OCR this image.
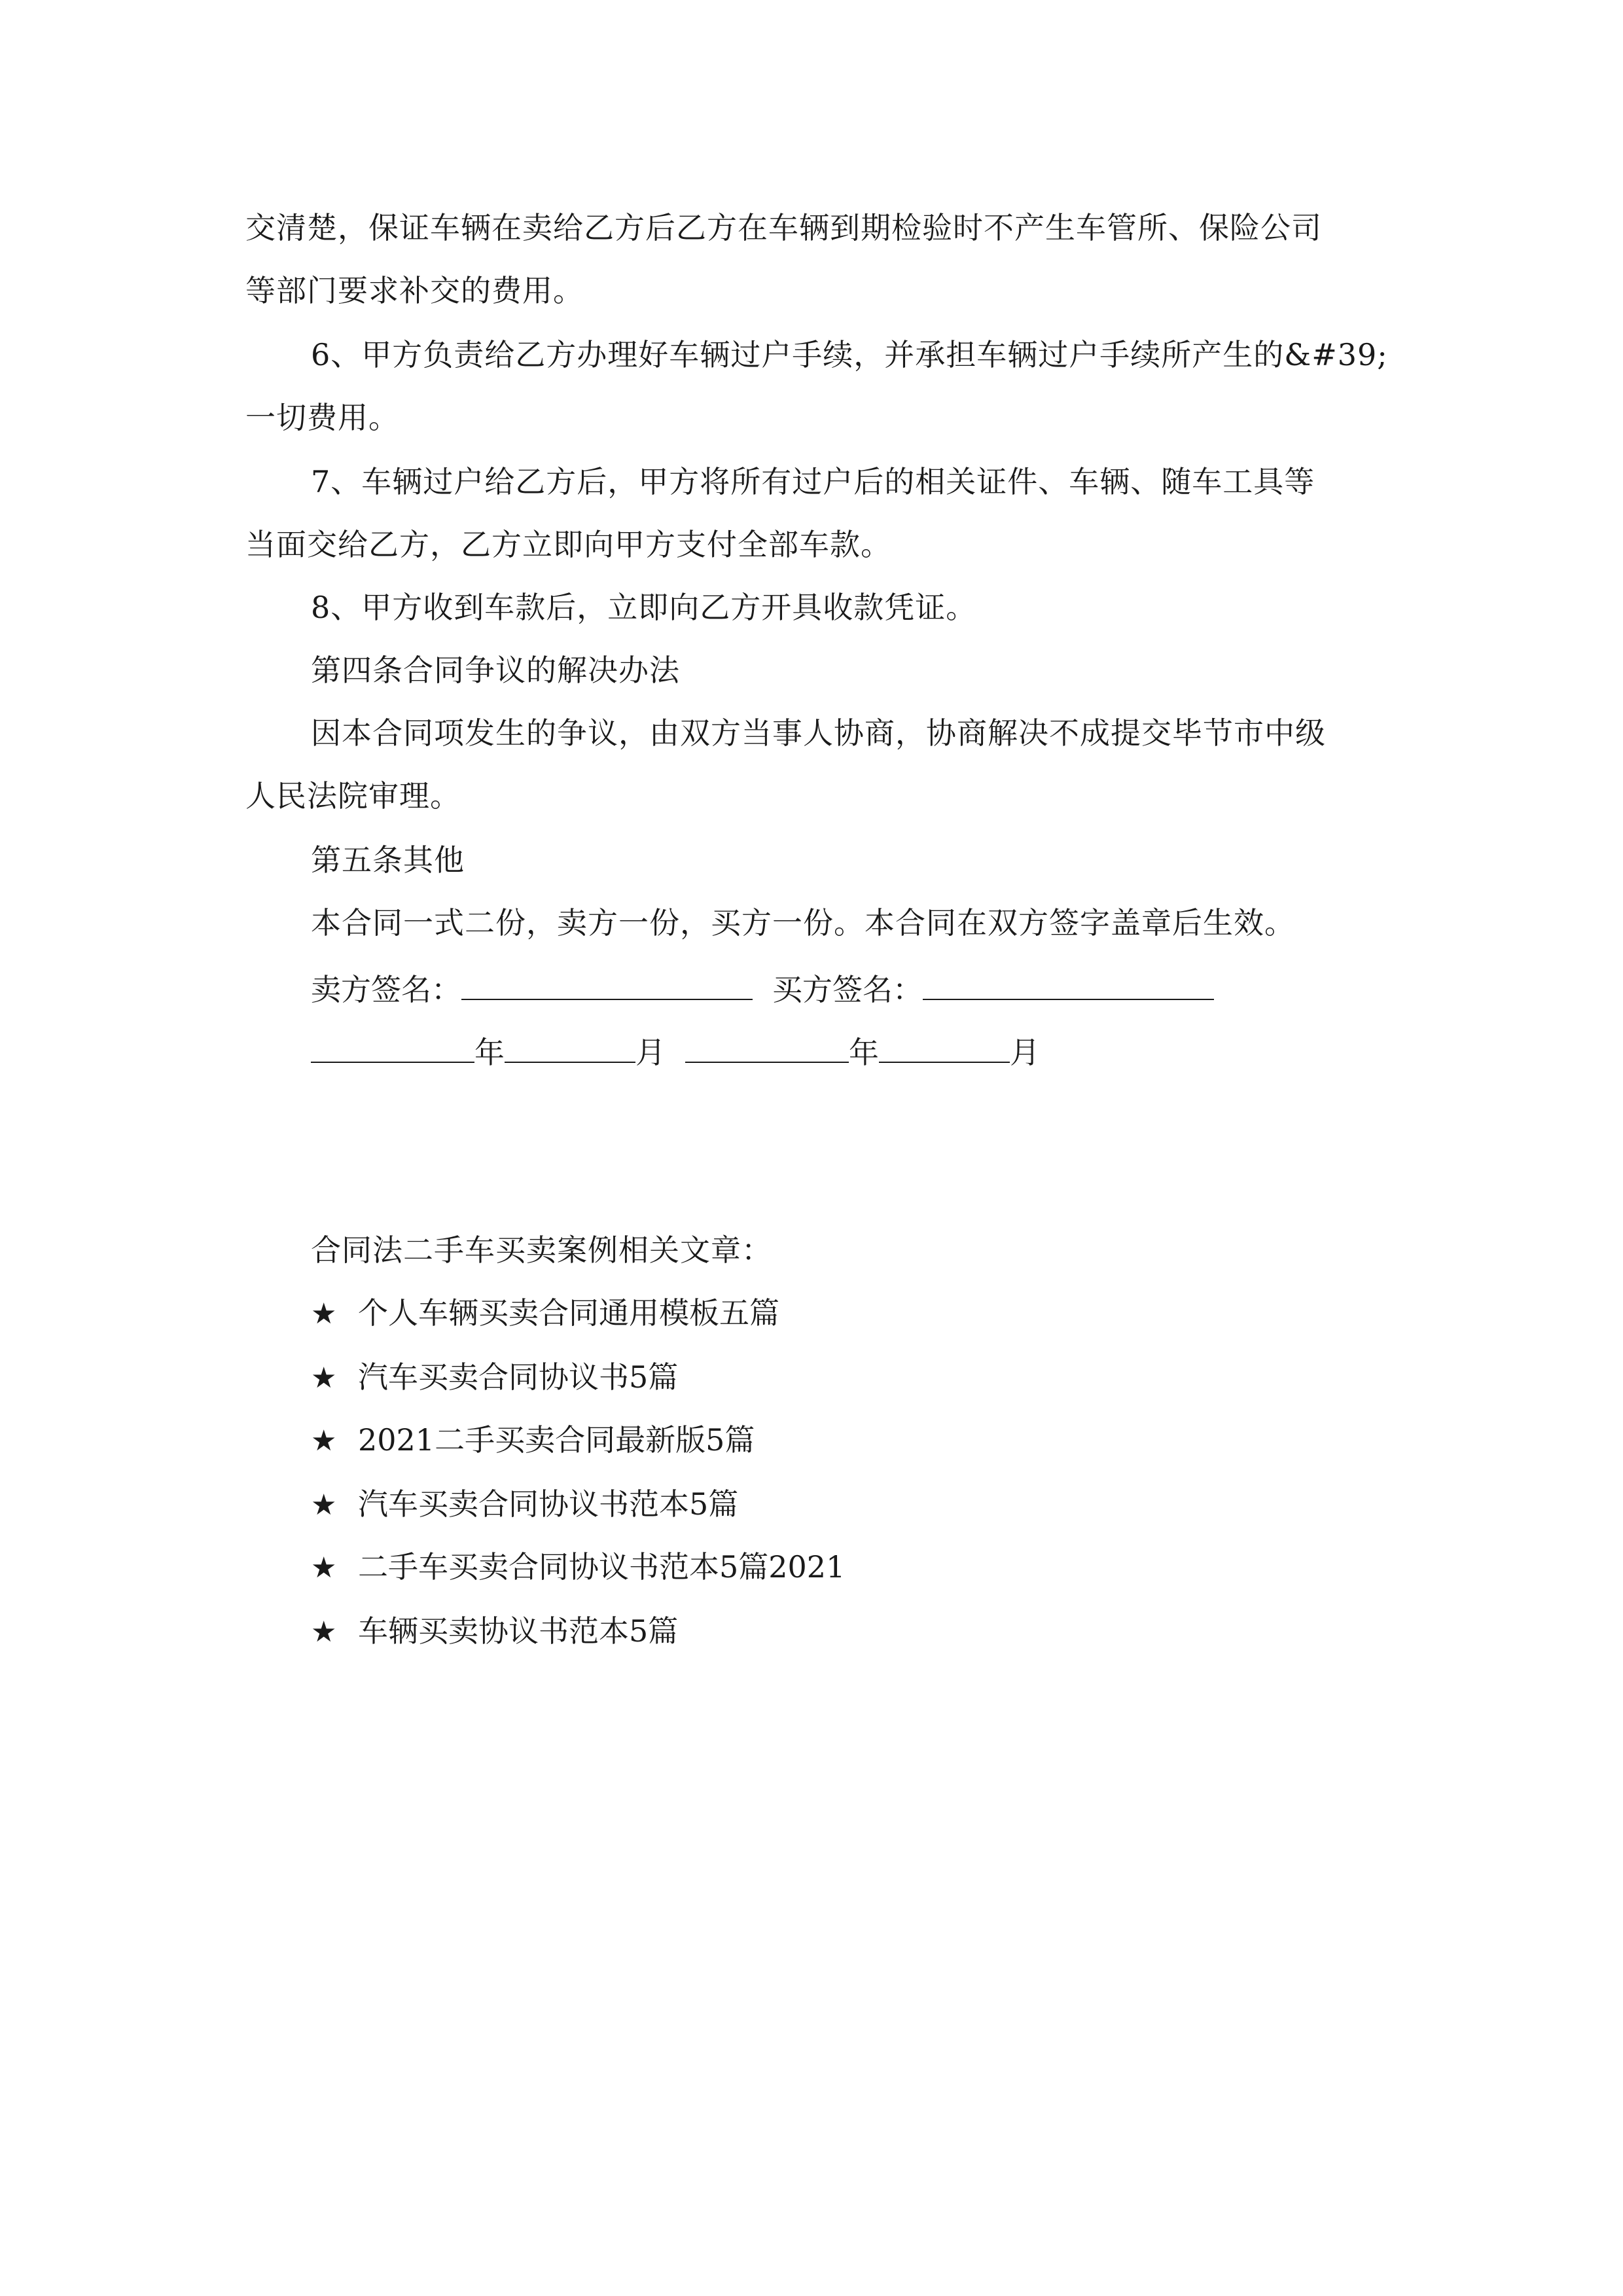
交清楚，保证车辆在卖给乙方后乙方在车辆到期检验时不产生车管所、保险公司
等部门要求补交的费用。
6、甲方负责给乙方办理好车辆过户手续，并承担车辆过户手续所产生的&#39;
一切费用。
7、车辆过户给乙方后，甲方将所有过户后的相关证件、车辆、随车工具等
当面交给乙方，乙方立即向甲方支付全部车款。
8、甲方收到车款后，立即向乙方开具收款凭证。
第四条合同争议的解决办法
因本合同项发生的争议，由双方当事人协商，协商解决不成提交毕节市中级
人民法院审理。
第五条其他
本合同一式二份，卖方一份，买方一份。本合同在双方签字盖章后生效。
卖方签名：	买方签名：
年	月	年	月
合同法二手车买卖案例相关文章：
★ 个人车辆买卖合同通用模板五篇
★ 汽车买卖合同协议书5篇
★ 2021二手买卖合同最新版5篇
★ 汽车买卖合同协议书范本5篇
★ 二手车买卖合同协议书范本5篇2021
★ 车辆买卖协议书范本5篇
